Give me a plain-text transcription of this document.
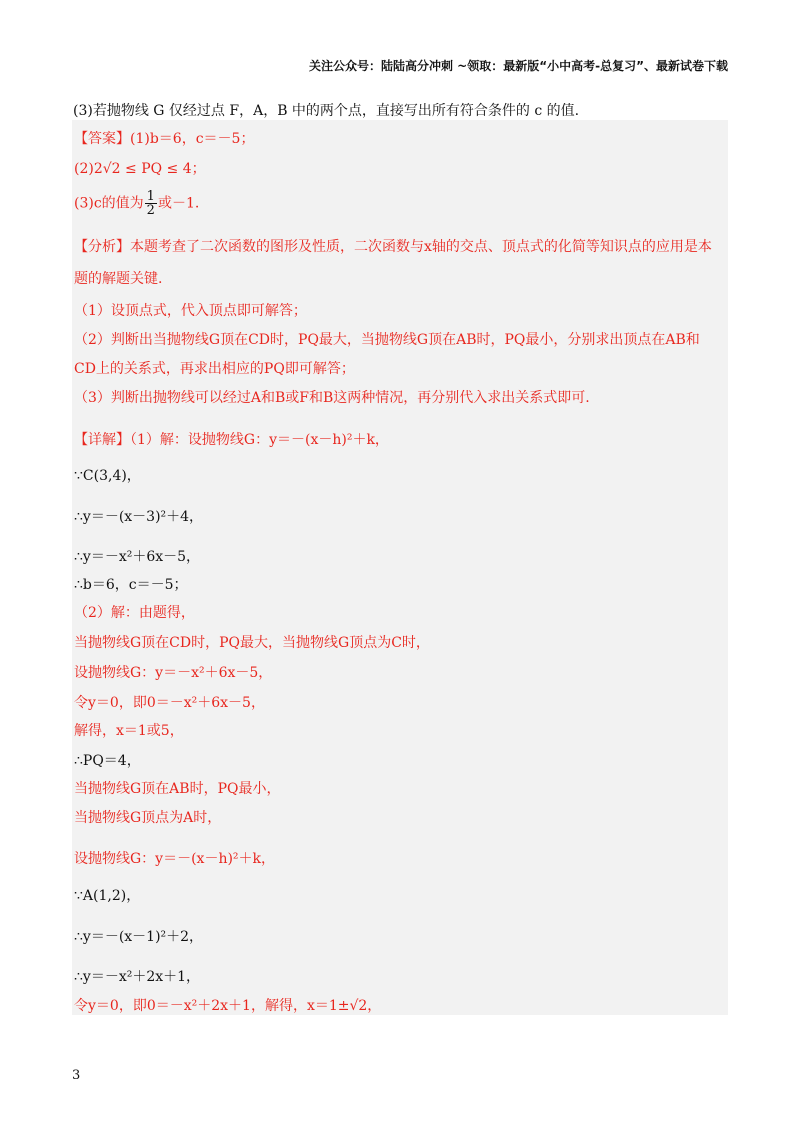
关注公众号：陆陆高分冲刺 ~领取：最新版“小中高考-总复习”、最新试卷下载
(3)若抛物线 G 仅经过点 F，A，B 中的两个点，直接写出所有符合条件的 c 的值.
【答案】(1)b＝6，c＝－5；
(2)2√2 ≤ PQ ≤ 4；
(3)c的值为 $\frac{1}{2}$ 或－1.
【分析】本题考查了二次函数的图形及性质，二次函数与x轴的交点、顶点式的化简等知识点的应用是本
题的解题关键.
（1）设顶点式，代入顶点即可解答；
（2）判断出当抛物线G顶在CD时，PQ最大，当抛物线G顶在AB时，PQ最小，分别求出顶点在AB和
CD上的关系式，再求出相应的PQ即可解答；
（3）判断出抛物线可以经过A和B或F和B这两种情况，再分别代入求出关系式即可.
【详解】（1）解：设抛物线G：y＝－(x－h)²＋k，
∵C(3,4)，
∴y＝－(x－3)²＋4，
∴y＝－x²＋6x－5，
∴b＝6，c＝－5；
（2）解：由题得，
当抛物线G顶在CD时，PQ最大，当抛物线G顶点为C时，
设抛物线G：y＝－x²＋6x－5，
令y＝0，即0＝－x²＋6x－5，
解得，x＝1或5，
∴PQ＝4，
当抛物线G顶在AB时，PQ最小，
当抛物线G顶点为A时，
设抛物线G：y＝－(x－h)²＋k，
∵A(1,2)，
∴y＝－(x－1)²＋2，
∴y＝－x²＋2x＋1，
令y＝0，即0＝－x²＋2x＋1，解得，x＝1±√2，
3
